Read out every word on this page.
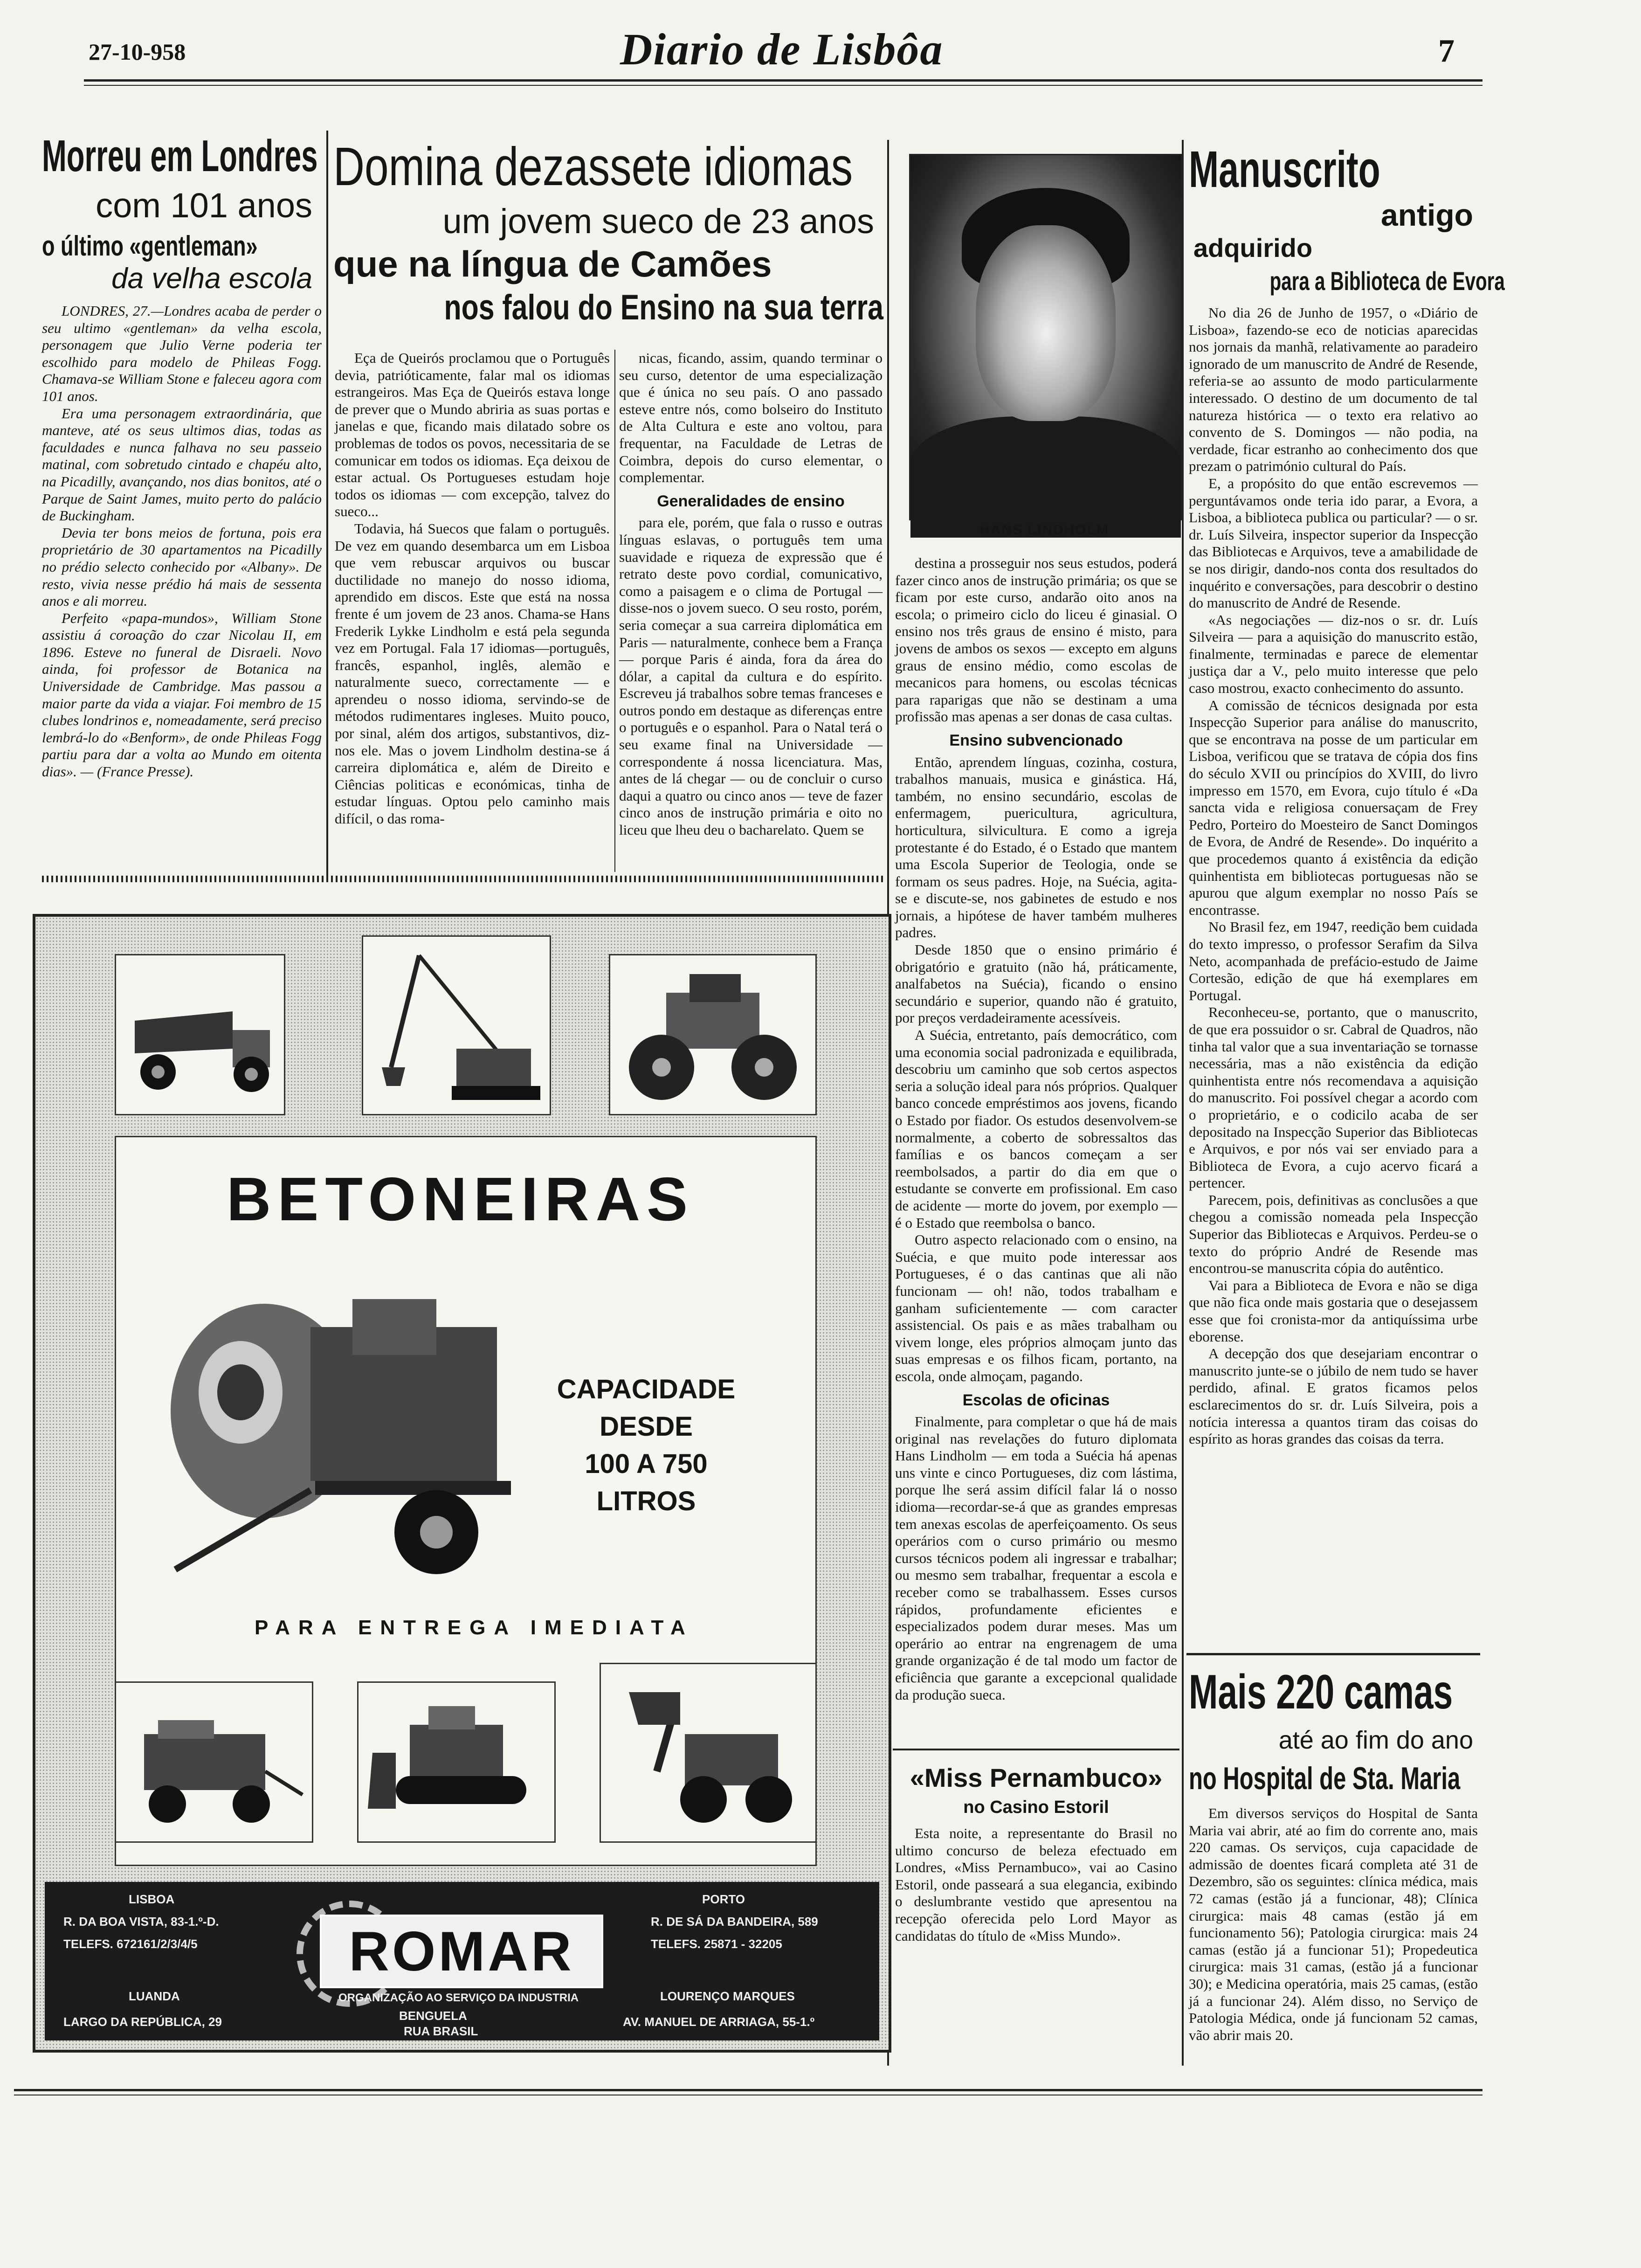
27-10-958	Diario de Lisbôa	7
Morreu em Londres
com 101 anos
o último «gentleman»
da velha escola

LONDRES, 27.—Londres acaba de perder o seu ultimo «gentleman» da velha escola, personagem que Julio Verne poderia ter escolhido para modelo de Phileas Fogg. Chamava-se William Stone e faleceu agora com 101 anos.

Era uma personagem extraordinária, que manteve, até os seus ultimos dias, todas as faculdades e nunca falhava no seu passeio matinal, com sobretudo cintado e chapéu alto, na Picadilly, avançando, nos dias bonitos, até o Parque de Saint James, muito perto do palácio de Buckingham.

Devia ter bons meios de fortuna, pois era proprietário de 30 apartamentos na Picadilly no prédio selecto conhecido por «Albany». De resto, vivia nesse prédio há mais de sessenta anos e ali morreu.

Perfeito «papa-mundos», William Stone assistiu á coroação do czar Nicolau II, em 1896. Esteve no funeral de Disraeli. Novo ainda, foi professor de Botanica na Universidade de Cambridge. Mas passou a maior parte da vida a viajar. Foi membro de 15 clubes londrinos e, nomeadamente, será preciso lembrá-lo do «Benform», de onde Phileas Fogg partiu para dar a volta ao Mundo em oitenta dias». — (France Presse).

Domina dezassete idiomas
um jovem sueco de 23 anos
que na língua de Camões
nos falou do Ensino na sua terra

Eça de Queirós proclamou que o Português devia, patrióticamente, falar mal os idiomas estrangeiros. Mas Eça de Queirós estava longe de prever que o Mundo abriria as suas portas e janelas e que, ficando mais dilatado sobre os problemas de todos os povos, necessitaria de se comunicar em todos os idiomas. Eça deixou de estar actual. Os Portugueses estudam hoje todos os idiomas — com excepção, talvez do sueco...

Todavia, há Suecos que falam o português. De vez em quando desembarca um em Lisboa que vem rebuscar arquivos ou buscar ductilidade no manejo do nosso idioma, aprendido em discos. Este que está na nossa frente é um jovem de 23 anos. Chama-se Hans Frederik Lykke Lindholm e está pela segunda vez em Portugal. Fala 17 idiomas—português, francês, espanhol, inglês, alemão e naturalmente sueco, correctamente — e aprendeu o nosso idioma, servindo-se de métodos rudimentares ingleses. Muito pouco, por sinal, além dos artigos, substantivos, diz-nos ele. Mas o jovem Lindholm destina-se á carreira diplomática e, além de Direito e Ciências politicas e económicas, tinha de estudar línguas. Optou pelo caminho mais difícil, o das roma-

nicas, ficando, assim, quando terminar o seu curso, detentor de uma especialização que é única no seu país. O ano passado esteve entre nós, como bolseiro do Instituto de Alta Cultura e este ano voltou, para frequentar, na Faculdade de Letras de Coimbra, depois do curso elementar, o complementar.

Generalidades de ensino

para ele, porém, que fala o russo e outras línguas eslavas, o português tem uma suavidade e riqueza de expressão que é retrato deste povo cordial, comunicativo, como a paisagem e o clima de Portugal — disse-nos o jovem sueco. O seu rosto, porém, seria começar a sua carreira diplomática em Paris — naturalmente, conhece bem a França — porque Paris é ainda, fora da área do dólar, a capital da cultura e do espírito. Escreveu já trabalhos sobre temas franceses e outros pondo em destaque as diferenças entre o português e o espanhol. Para o Natal terá o seu exame final na Universidade — correspondente á nossa licenciatura. Mas, antes de lá chegar — ou de concluir o curso daqui a quatro ou cinco anos — teve de fazer cinco anos de instrução primária e oito no liceu que lheu deu o bacharelato. Quem se

HANS LINDHOLM

destina a prosseguir nos seus estudos, poderá fazer cinco anos de instrução primária; os que se ficam por este curso, andarão oito anos na escola; o primeiro ciclo do liceu é ginasial. O ensino nos três graus de ensino é misto, para jovens de ambos os sexos — excepto em alguns graus de ensino médio, como escolas de mecanicos para homens, ou escolas técnicas para raparigas que não se destinam a uma profissão mas apenas a ser donas de casa cultas.

Ensino subvencionado

Então, aprendem línguas, cozinha, costura, trabalhos manuais, musica e ginástica. Há, também, no ensino secundário, escolas de enfermagem, puericultura, agricultura, horticultura, silvicultura. E como a igreja protestante é do Estado, é o Estado que mantem uma Escola Superior de Teologia, onde se formam os seus padres. Hoje, na Suécia, agita-se e discute-se, nos gabinetes de estudo e nos jornais, a hipótese de haver também mulheres padres.

Desde 1850 que o ensino primário é obrigatório e gratuito (não há, práticamente, analfabetos na Suécia), ficando o ensino secundário e superior, quando não é gratuito, por preços verdadeiramente acessíveis.

A Suécia, entretanto, país democrático, com uma economia social padronizada e equilibrada, descobriu um caminho que sob certos aspectos seria a solução ideal para nós próprios. Qualquer banco concede empréstimos aos jovens, ficando o Estado por fiador. Os estudos desenvolvem-se normalmente, a coberto de sobressaltos das famílias e os bancos começam a ser reembolsados, a partir do dia em que o estudante se converte em profissional. Em caso de acidente — morte do jovem, por exemplo — é o Estado que reembolsa o banco.

Outro aspecto relacionado com o ensino, na Suécia, e que muito pode interessar aos Portugueses, é o das cantinas que ali não funcionam — oh! não, todos trabalham e ganham suficientemente — com caracter assistencial. Os pais e as mães trabalham ou vivem longe, eles próprios almoçam junto das suas empresas e os filhos ficam, portanto, na escola, onde almoçam, pagando.

Escolas de oficinas

Finalmente, para completar o que há de mais original nas revelações do futuro diplomata Hans Lindholm — em toda a Suécia há apenas uns vinte e cinco Portugueses, diz com lástima, porque lhe será assim difícil falar lá o nosso idioma—recordar-se-á que as grandes empresas tem anexas escolas de aperfeiçoamento. Os seus operários com o curso primário ou mesmo cursos técnicos podem ali ingressar e trabalhar; ou mesmo sem trabalhar, frequentar a escola e receber como se trabalhassem. Esses cursos rápidos, profundamente eficientes e especializados podem durar meses. Mas um operário ao entrar na engrenagem de uma grande organização é de tal modo um factor de eficiência que garante a excepcional qualidade da produção sueca.

«Miss Pernambuco»
no Casino Estoril

Esta noite, a representante do Brasil no ultimo concurso de beleza efectuado em Londres, «Miss Pernambuco», vai ao Casino Estoril, onde passeará a sua elegancia, exibindo o deslumbrante vestido que apresentou na recepção oferecida pelo Lord Mayor as candidatas do título de «Miss Mundo».

Manuscrito
antigo
adquirido
para a Biblioteca de Evora

No dia 26 de Junho de 1957, o «Diário de Lisboa», fazendo-se eco de noticias aparecidas nos jornais da manhã, relativamente ao paradeiro ignorado de um manuscrito de André de Resende, referia-se ao assunto de modo particularmente interessado. O destino de um documento de tal natureza histórica — o texto era relativo ao convento de S. Domingos — não podia, na verdade, ficar estranho ao conhecimento dos que prezam o património cultural do País.

E, a propósito do que então escrevemos — perguntávamos onde teria ido parar, a Evora, a Lisboa, a biblioteca publica ou particular? — o sr. dr. Luís Silveira, inspector superior da Inspecção das Bibliotecas e Arquivos, teve a amabilidade de se nos dirigir, dando-nos conta dos resultados do inquérito e conversações, para descobrir o destino do manuscrito de André de Resende.

«As negociações — diz-nos o sr. dr. Luís Silveira — para a aquisição do manuscrito estão, finalmente, terminadas e parece de elementar justiça dar a V., pelo muito interesse que pelo caso mostrou, exacto conhecimento do assunto.

A comissão de técnicos designada por esta Inspecção Superior para análise do manuscrito, que se encontrava na posse de um particular em Lisboa, verificou que se tratava de cópia dos fins do século XVII ou princípios do XVIII, do livro impresso em 1570, em Evora, cujo título é «Da sancta vida e religiosa conuersaçam de Frey Pedro, Porteiro do Moesteiro de Sanct Domingos de Evora, de André de Resende». Do inquérito a que procedemos quanto á existência da edição quinhentista em bibliotecas portuguesas não se apurou que algum exemplar no nosso País se encontrasse.

No Brasil fez, em 1947, reedição bem cuidada do texto impresso, o professor Serafim da Silva Neto, acompanhada de prefácio-estudo de Jaime Cortesão, edição de que há exemplares em Portugal.

Reconheceu-se, portanto, que o manuscrito, de que era possuidor o sr. Cabral de Quadros, não tinha tal valor que a sua inventariação se tornasse necessária, mas a não existência da edição quinhentista entre nós recomendava a aquisição do manuscrito. Foi possível chegar a acordo com o proprietário, e o codicilo acaba de ser depositado na Inspecção Superior das Bibliotecas e Arquivos, e por nós vai ser enviado para a Biblioteca de Evora, a cujo acervo ficará a pertencer.

Parecem, pois, definitivas as conclusões a que chegou a comissão nomeada pela Inspecção Superior das Bibliotecas e Arquivos. Perdeu-se o texto do próprio André de Resende mas encontrou-se manuscrita cópia do autêntico.

Vai para a Biblioteca de Evora e não se diga que não fica onde mais gostaria que o desejassem esse que foi cronista-mor da antiquíssima urbe eborense.

A decepção dos que desejariam encontrar o manuscrito junte-se o júbilo de nem tudo se haver perdido, afinal. E gratos ficamos pelos esclarecimentos do sr. dr. Luís Silveira, pois a notícia interessa a quantos tiram das coisas do espírito as horas grandes das coisas da terra.

Mais 220 camas
até ao fim do ano
no Hospital de Sta. Maria

Em diversos serviços do Hospital de Santa Maria vai abrir, até ao fim do corrente ano, mais 220 camas. Os serviços, cuja capacidade de admissão de doentes ficará completa até 31 de Dezembro, são os seguintes: clínica médica, mais 72 camas (estão já a funcionar, 48); Clínica cirurgica: mais 48 camas (estão já em funcionamento 56); Patologia cirurgica: mais 24 camas (estão já a funcionar 51); Propedeutica cirurgica: mais 31 camas, (estão já a funcionar 30); e Medicina operatória, mais 25 camas, (estão já a funcionar 24). Além disso, no Serviço de Patologia Médica, onde já funcionam 52 camas, vão abrir mais 20.

BETONEIRAS
CAPACIDADE
DESDE
100 A 750
LITROS
PARA ENTREGA IMEDIATA
ROMAR
ORGANIZAÇÃO AO SERVIÇO DA INDUSTRIA
LISBOA
R. DA BOA VISTA, 83-1.º-D.
TELEFS. 672161/2/3/4/5
PORTO
R. DE SÁ DA BANDEIRA, 589
TELEFS. 25871 - 32205
LUANDA
LARGO DA REPÚBLICA, 29	BENGUELA
RUA BRASIL
LOURENÇO MARQUES
AV. MANUEL DE ARRIAGA, 55-1.º
